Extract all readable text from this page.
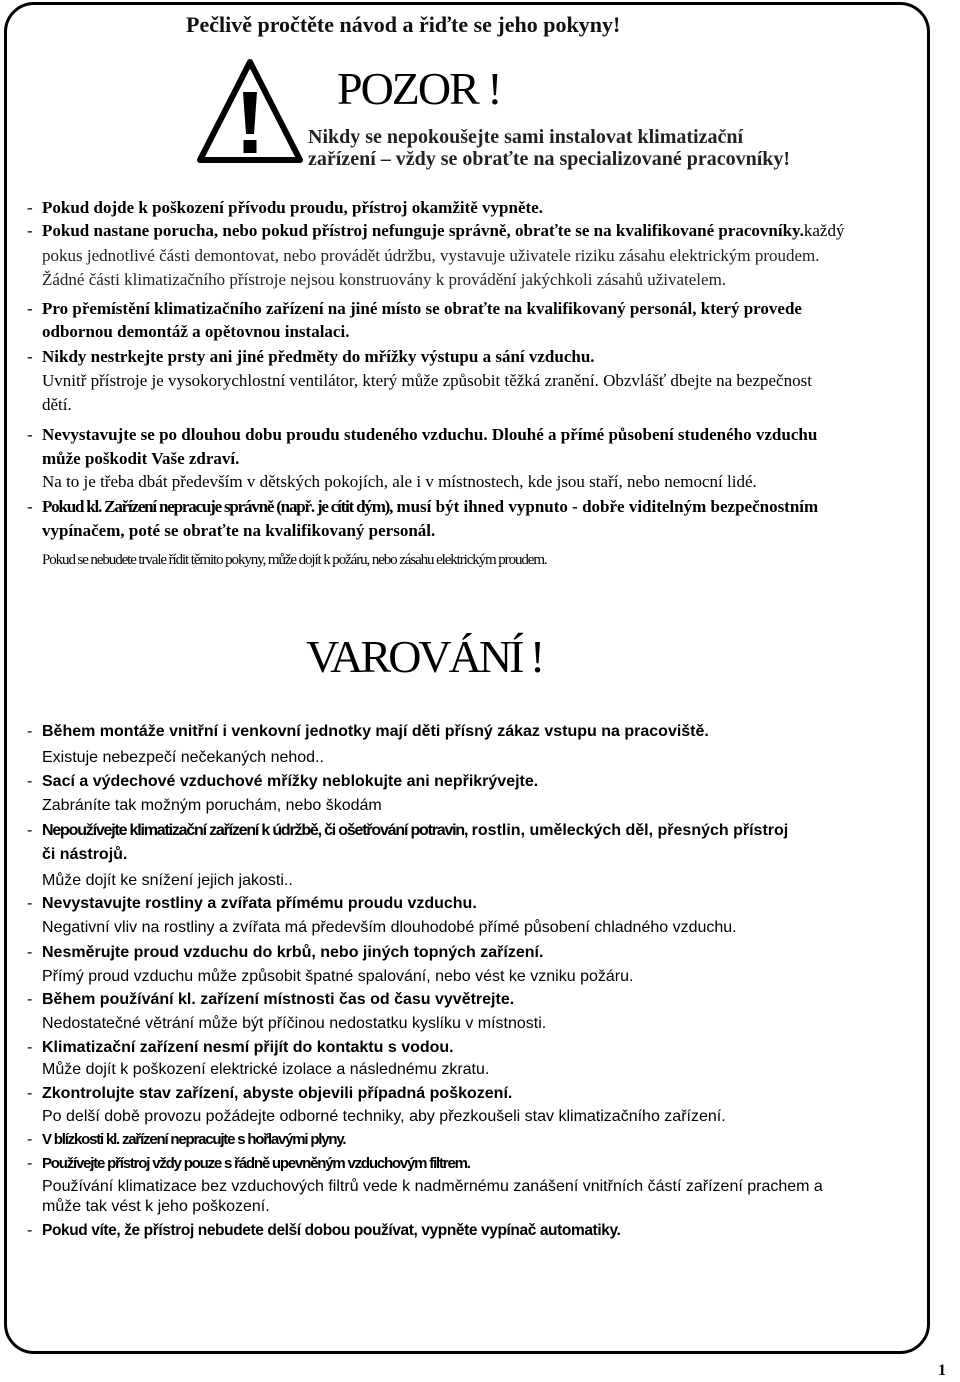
Pečlivě pročtěte návod a řiďte se jeho pokyny!
POZOR !
Nikdy se nepokoušejte sami instalovat klimatizační
zařízení – vždy se obraťte na specializované pracovníky!
- Pokud dojde k poškození přívodu proudu, přístroj okamžitě vypněte.
- Pokud nastane porucha, nebo pokud přístroj nefunguje správně, obraťte se na kvalifikované pracovníky.každý
pokus jednotlivé části demontovat, nebo provádět údržbu, vystavuje uživatele riziku zásahu elektrickým proudem.
Žádné části klimatizačního přístroje nejsou konstruovány k provádění jakýchkoli zásahů uživatelem.
- Pro přemístění klimatizačního zařízení na jiné místo se obraťte na kvalifikovaný personál, který provede
odbornou demontáž a opětovnou instalaci.
- Nikdy nestrkejte prsty ani jiné předměty do mřížky výstupu a sání vzduchu.
Uvnitř přístroje je vysokorychlostní ventilátor, který může způsobit těžká zranění. Obzvlášť dbejte na bezpečnost
dětí.
- Nevystavujte se po dlouhou dobu proudu studeného vzduchu. Dlouhé a přímé působení studeného vzduchu
může poškodit Vaše zdraví.
Na to je třeba dbát především v dětských pokojích, ale i v místnostech, kde jsou staří, nebo nemocní lidé.
- Pokud kl. Zařízení nepracuje správně (např. je cítit dým), musí být ihned vypnuto - dobře viditelným bezpečnostním
vypínačem, poté se obraťte na kvalifikovaný personál.
Pokud se nebudete trvale řídit těmito pokyny, může dojít k požáru, nebo zásahu elektrickým proudem.
VAROVÁNÍ !
- Během montáže vnitřní i venkovní jednotky mají děti přísný zákaz vstupu na pracoviště.
Existuje nebezpečí nečekaných nehod..
- Sací a výdechové vzduchové mřížky neblokujte ani nepřikrývejte.
Zabráníte tak možným poruchám, nebo škodám
- Nepoužívejte klimatizační zařízení k údržbě, či ošetřování potravin, rostlin, uměleckých děl, přesných přístroj
či nástrojů.
Může dojít ke snížení jejich jakosti..
- Nevystavujte rostliny a zvířata přímému proudu vzduchu.
Negativní vliv na rostliny a zvířata má především dlouhodobé přímé působení chladného vzduchu.
- Nesměrujte proud vzduchu do krbů, nebo jiných topných zařízení.
Přímý proud vzduchu může způsobit špatné spalování, nebo vést ke vzniku požáru.
- Během používání kl. zařízení místnosti čas od času vyvětrejte.
Nedostatečné větrání může být příčinou nedostatku kyslíku v místnosti.
- Klimatizační zařízení nesmí přijít do kontaktu s vodou.
Může dojít k poškození elektrické izolace a následnému zkratu.
- Zkontrolujte stav zařízení, abyste objevili případná poškození.
Po delší době provozu požádejte odborné techniky, aby přezkoušeli stav klimatizačního zařízení.
- V blízkosti kl. zařízení nepracujte s hořlavými plyny.
- Používejte přístroj vždy pouze s řádně upevněným vzduchovým filtrem.
Používání klimatizace bez vzduchových filtrů vede k nadměrnému zanášení vnitřních částí zařízení prachem a
může tak vést k jeho poškození.
- Pokud víte, že přístroj nebudete delší dobou používat, vypněte vypínač automatiky.
1
